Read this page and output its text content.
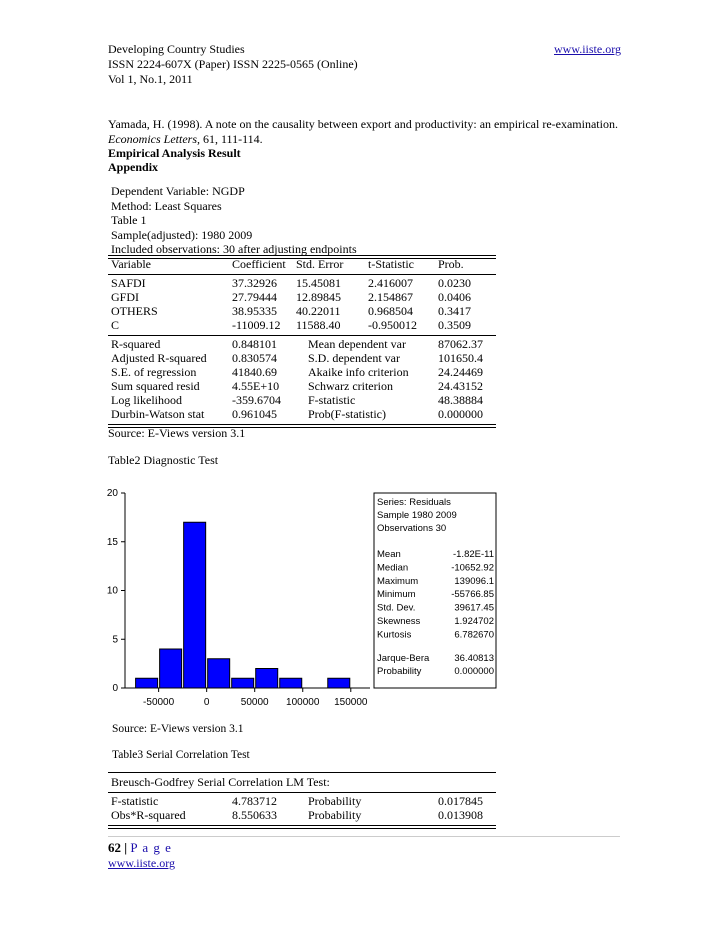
Developing Country Studies	www.iiste.org
ISSN 2224-607X (Paper) ISSN 2225-0565 (Online)
Vol 1, No.1, 2011
Yamada, H. (1998). A note on the causality between export and productivity: an empirical re-examination.
Economics Letters, 61, 111-114.
Empirical Analysis Result
Appendix
Dependent Variable: NGDP
Method: Least Squares
Table 1
Sample(adjusted): 1980 2009
Included observations: 30 after adjusting endpoints
Variable	Coefficient Std. Error t-Statistic Prob.
SAFDI	37.32926 15.45081 2.416007 0.0230
GFDI	27.79444 12.89845 2.154867 0.0406
OTHERS	38.95335 40.22011 0.968504 0.3417
C	-11009.12 11588.40 -0.950012 0.3509
R-squared	0.848101	Mean dependent var	87062.37
Adjusted R-squared 0.830574	S.D. dependent var	101650.4
S.E. of regression	41840.69	Akaike info criterion 24.24469
Sum squared resid	4.55E+10 Schwarz criterion	24.43152
Log likelihood	-359.6704 F-statistic	48.38884
Durbin-Watson stat 0.961045	Prob(F-statistic)	0.000000
Source: E-Views version 3.1
Table2 Diagnostic Test
0
5
10
15
20
-50000	0	50000 100000 150000
Series: Residuals
Sample 1980 2009
Observations 30
Mean	-1.82E-11
Median	-10652.92
Maximum	139096.1
Minimum	-55766.85
Std. Dev.	39617.45
Skewness	1.924702
Kurtosis	6.782670
Jarque-Bera	36.40813
Probability	0.000000
Source: E-Views version 3.1
Table3 Serial Correlation Test
Breusch-Godfrey Serial Correlation LM Test:
F-statistic	4.783712	Probability	0.017845
Obs*R-squared	8.550633	Probability	0.013908
62 | P a g e
www.iiste.org
